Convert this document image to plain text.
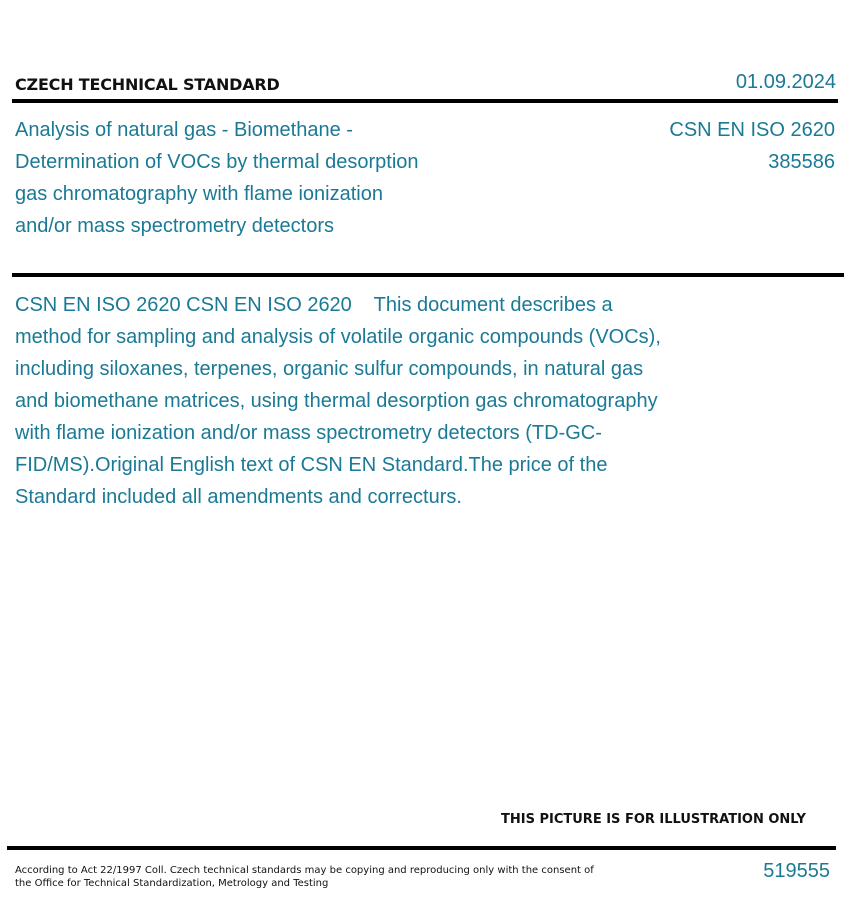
CZECH TECHNICAL STANDARD	01.09.2024
Analysis of natural gas - Biomethane - Determination of VOCs by thermal desorption gas chromatography with flame ionization and/or mass spectrometry detectors
CSN EN ISO 2620
385586
CSN EN ISO 2620 CSN EN ISO 2620    This document describes a method for sampling and analysis of volatile organic compounds (VOCs), including siloxanes, terpenes, organic sulfur compounds, in natural gas and biomethane matrices, using thermal desorption gas chromatography with flame ionization and/or mass spectrometry detectors (TD-GC-FID/MS).Original English text of CSN EN Standard.The price of the Standard included all amendments and correcturs.
THIS PICTURE IS FOR ILLUSTRATION ONLY
According to Act 22/1997 Coll. Czech technical standards may be copying and reproducing only with the consent of the Office for Technical Standardization, Metrology and Testing
519555
